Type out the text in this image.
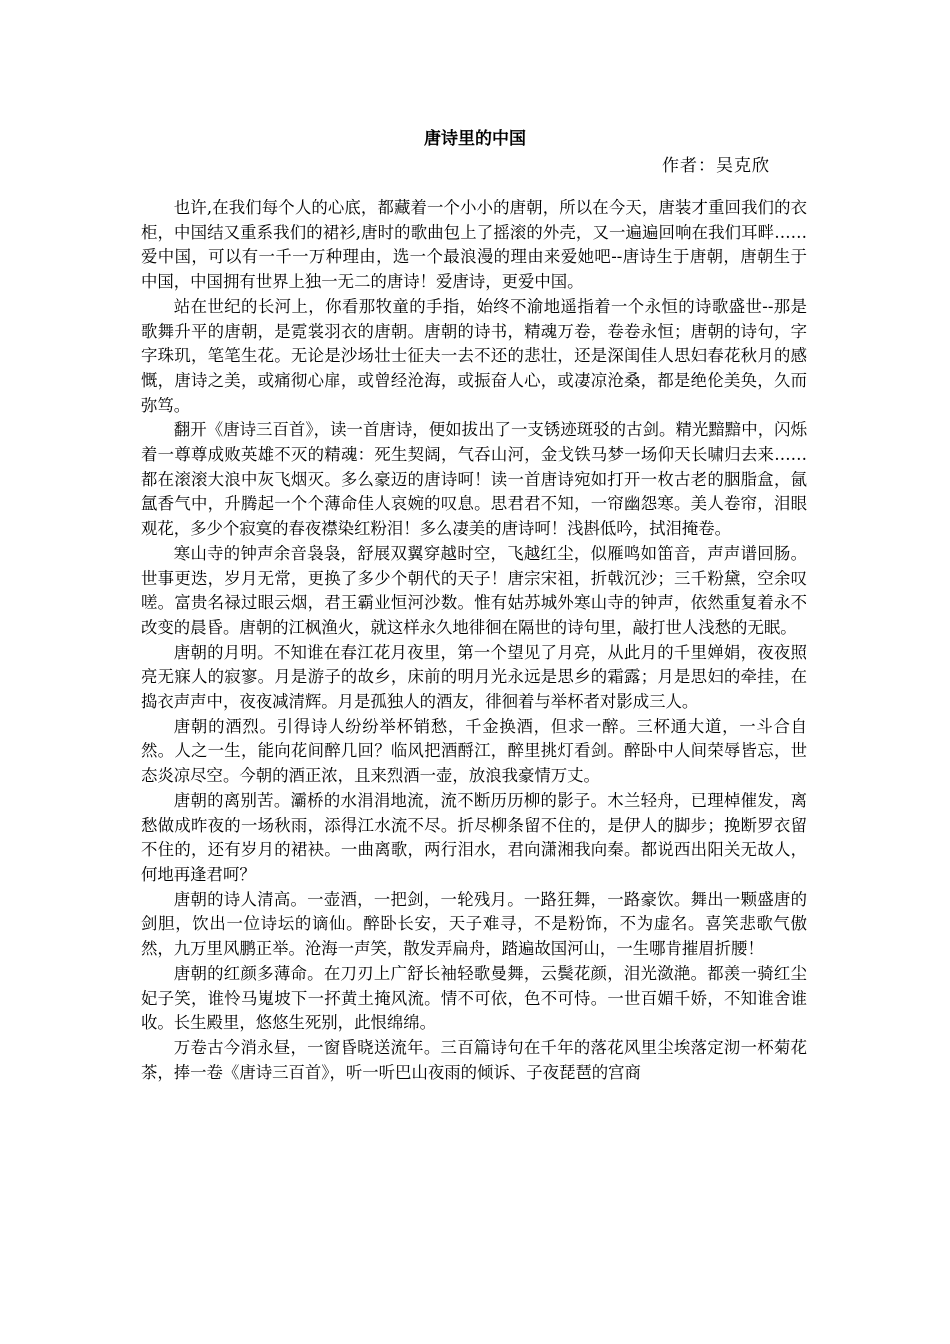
唐诗里的中国
作者：吴克欣

也许,在我们每个人的心底，都藏着一个小小的唐朝，所以在今天，唐装才重回我们的衣柜，中国结又重系我们的裙衫,唐时的歌曲包上了摇滚的外壳，又一遍遍回响在我们耳畔……爱中国，可以有一千一万种理由，选一个最浪漫的理由来爱她吧--唐诗生于唐朝，唐朝生于中国，中国拥有世界上独一无二的唐诗！爱唐诗，更爱中国。

站在世纪的长河上，你看那牧童的手指，始终不渝地遥指着一个永恒的诗歌盛世--那是歌舞升平的唐朝，是霓裳羽衣的唐朝。唐朝的诗书，精魂万卷，卷卷永恒；唐朝的诗句，字字珠玑，笔笔生花。无论是沙场壮士征夫一去不还的悲壮，还是深闺佳人思妇春花秋月的感慨，唐诗之美，或痛彻心扉，或曾经沧海，或振奋人心，或凄凉沧桑，都是绝伦美奂，久而弥笃。

翻开《唐诗三百首》，读一首唐诗，便如拔出了一支锈迹斑驳的古剑。精光黯黯中，闪烁着一尊尊成败英雄不灭的精魂：死生契阔，气吞山河，金戈铁马梦一场仰天长啸归去来……都在滚滚大浪中灰飞烟灭。多么豪迈的唐诗呵！读一首唐诗宛如打开一枚古老的胭脂盒，氤氲香气中，升腾起一个个薄命佳人哀婉的叹息。思君君不知，一帘幽怨寒。美人卷帘，泪眼观花，多少个寂寞的春夜襟染红粉泪！多么凄美的唐诗呵！浅斟低吟，拭泪掩卷。

寒山寺的钟声余音袅袅，舒展双翼穿越时空，飞越红尘，似雁鸣如笛音，声声谱回肠。世事更迭，岁月无常，更换了多少个朝代的天子！唐宗宋祖，折戟沉沙；三千粉黛，空余叹嗟。富贵名禄过眼云烟，君王霸业恒河沙数。惟有姑苏城外寒山寺的钟声，依然重复着永不改变的晨昏。唐朝的江枫渔火，就这样永久地徘徊在隔世的诗句里，敲打世人浅愁的无眠。

唐朝的月明。不知谁在春江花月夜里，第一个望见了月亮，从此月的千里婵娟，夜夜照亮无寐人的寂寥。月是游子的故乡，床前的明月光永远是思乡的霜露；月是思妇的牵挂，在捣衣声声中，夜夜减清辉。月是孤独人的酒友，徘徊着与举杯者对影成三人。

唐朝的酒烈。引得诗人纷纷举杯销愁，千金换酒，但求一醉。三杯通大道，一斗合自然。人之一生，能向花间醉几回？临风把酒酹江，醉里挑灯看剑。醉卧中人间荣辱皆忘，世态炎凉尽空。今朝的酒正浓，且来烈酒一壶，放浪我豪情万丈。

唐朝的离别苦。灞桥的水涓涓地流，流不断历历柳的影子。木兰轻舟，已理棹催发，离愁做成昨夜的一场秋雨，添得江水流不尽。折尽柳条留不住的，是伊人的脚步；挽断罗衣留不住的，还有岁月的裙袂。一曲离歌，两行泪水，君向潇湘我向秦。都说西出阳关无故人，何地再逢君呵？

唐朝的诗人清高。一壶酒，一把剑，一轮残月。一路狂舞，一路豪饮。舞出一颗盛唐的剑胆，饮出一位诗坛的谪仙。醉卧长安，天子难寻，不是粉饰，不为虚名。喜笑悲歌气傲然，九万里风鹏正举。沧海一声笑，散发弄扁舟，踏遍故国河山，一生哪肯摧眉折腰！

唐朝的红颜多薄命。在刀刃上广舒长袖轻歌曼舞，云鬓花颜，泪光潋滟。都羡一骑红尘妃子笑，谁怜马嵬坡下一抔黄土掩风流。情不可依，色不可恃。一世百媚千娇，不知谁舍谁收。长生殿里，悠悠生死别，此恨绵绵。

万卷古今消永昼，一窗昏晓送流年。三百篇诗句在千年的落花风里尘埃落定沏一杯菊花茶，捧一卷《唐诗三百首》，听一听巴山夜雨的倾诉、子夜琵琶的宫商
